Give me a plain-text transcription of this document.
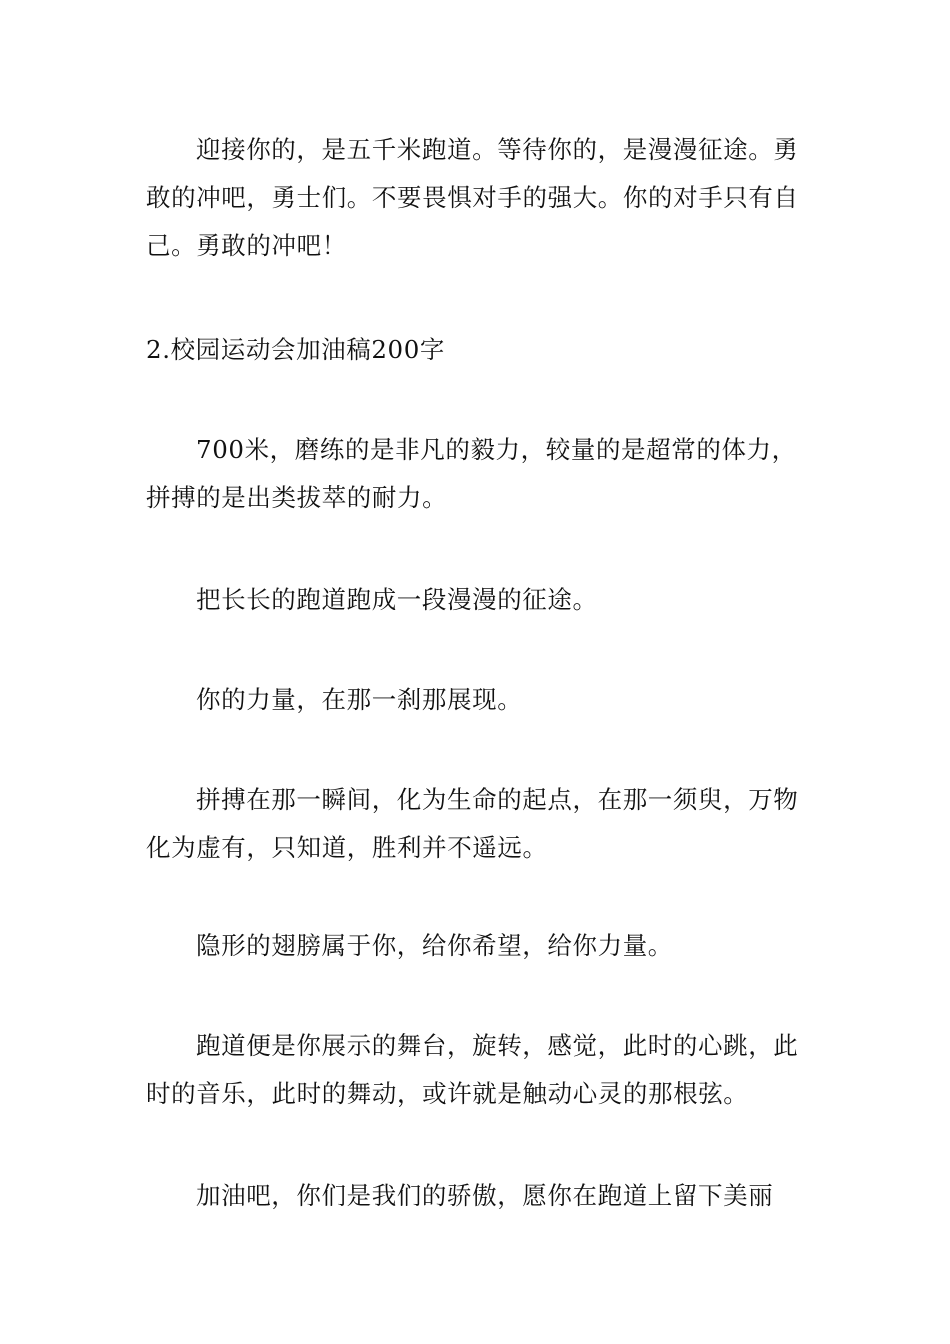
迎接你的，是五千米跑道。等待你的，是漫漫征途。勇敢的冲吧，勇士们。不要畏惧对手的强大。你的对手只有自己。勇敢的冲吧！

2.校园运动会加油稿200字

700米，磨练的是非凡的毅力，较量的是超常的体力，拼搏的是出类拔萃的耐力。

把长长的跑道跑成一段漫漫的征途。

你的力量，在那一刹那展现。

拼搏在那一瞬间，化为生命的起点，在那一须臾，万物化为虚有，只知道，胜利并不遥远。

隐形的翅膀属于你，给你希望，给你力量。

跑道便是你展示的舞台，旋转，感觉，此时的心跳，此时的音乐，此时的舞动，或许就是触动心灵的那根弦。

加油吧，你们是我们的骄傲，愿你在跑道上留下美丽
